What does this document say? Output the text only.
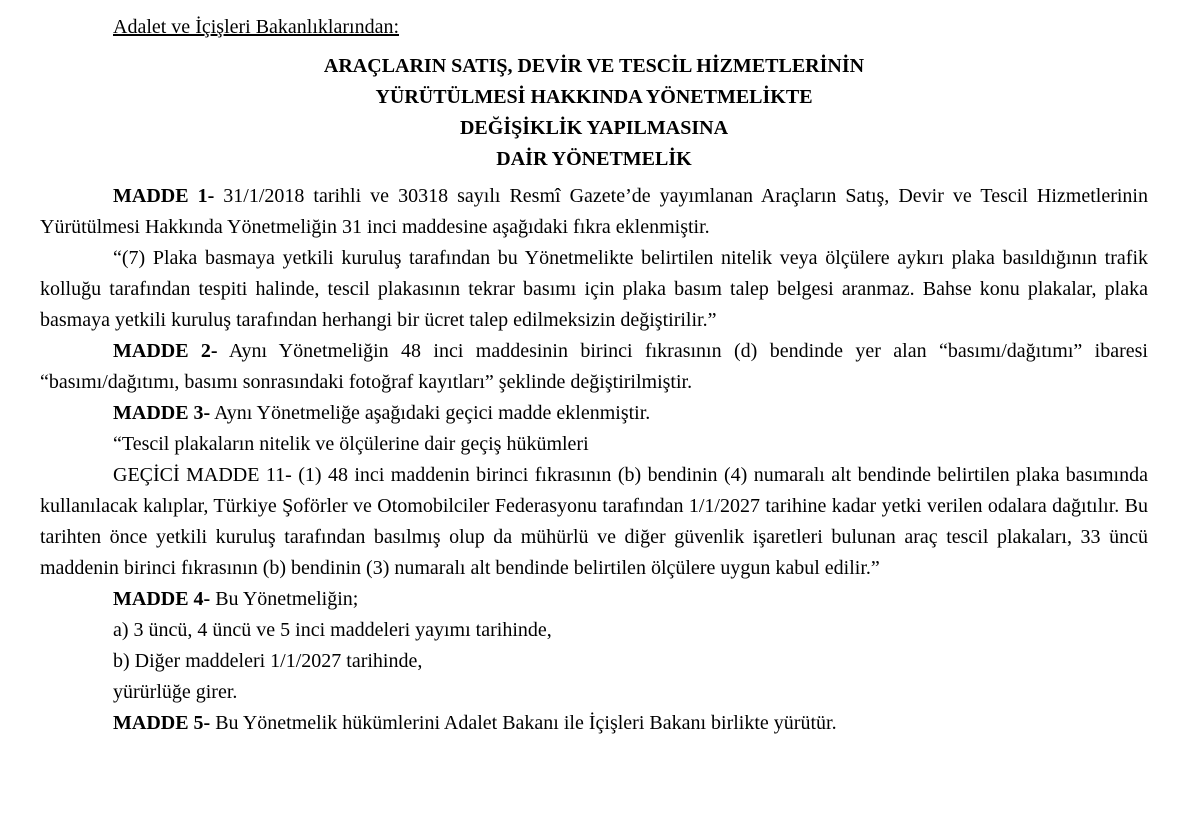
Adalet ve İçişleri Bakanlıklarından:
ARAÇLARIN SATIŞ, DEVİR VE TESCİL HİZMETLERİNİN
YÜRÜTÜLMESİ HAKKINDA YÖNETMELİKTE
DEĞİŞİKLİK YAPILMASINA
DAİR YÖNETMELİK

MADDE 1- 31/1/2018 tarihli ve 30318 sayılı Resmî Gazete’de yayımlanan Araçların Satış, Devir ve Tescil Hizmetlerinin Yürütülmesi Hakkında Yönetmeliğin 31 inci maddesine aşağıdaki fıkra eklenmiştir.

“(7) Plaka basmaya yetkili kuruluş tarafından bu Yönetmelikte belirtilen nitelik veya ölçülere aykırı plaka basıldığının trafik kolluğu tarafından tespiti halinde, tescil plakasının tekrar basımı için plaka basım talep belgesi aranmaz. Bahse konu plakalar, plaka basmaya yetkili kuruluş tarafından herhangi bir ücret talep edilmeksizin değiştirilir.”

MADDE 2- Aynı Yönetmeliğin 48 inci maddesinin birinci fıkrasının (d) bendinde yer alan “basımı/dağıtımı” ibaresi “basımı/dağıtımı, basımı sonrasındaki fotoğraf kayıtları” şeklinde değiştirilmiştir.

MADDE 3- Aynı Yönetmeliğe aşağıdaki geçici madde eklenmiştir.

“Tescil plakaların nitelik ve ölçülerine dair geçiş hükümleri

GEÇİCİ MADDE 11- (1) 48 inci maddenin birinci fıkrasının (b) bendinin (4) numaralı alt bendinde belirtilen plaka basımında kullanılacak kalıplar, Türkiye Şoförler ve Otomobilciler Federasyonu tarafından 1/1/2027 tarihine kadar yetki verilen odalara dağıtılır. Bu tarihten önce yetkili kuruluş tarafından basılmış olup da mühürlü ve diğer güvenlik işaretleri bulunan araç tescil plakaları, 33 üncü maddenin birinci fıkrasının (b) bendinin (3) numaralı alt bendinde belirtilen ölçülere uygun kabul edilir.”

MADDE 4- Bu Yönetmeliğin;

a) 3 üncü, 4 üncü ve 5 inci maddeleri yayımı tarihinde,

b) Diğer maddeleri 1/1/2027 tarihinde,

yürürlüğe girer.

MADDE 5- Bu Yönetmelik hükümlerini Adalet Bakanı ile İçişleri Bakanı birlikte yürütür.
